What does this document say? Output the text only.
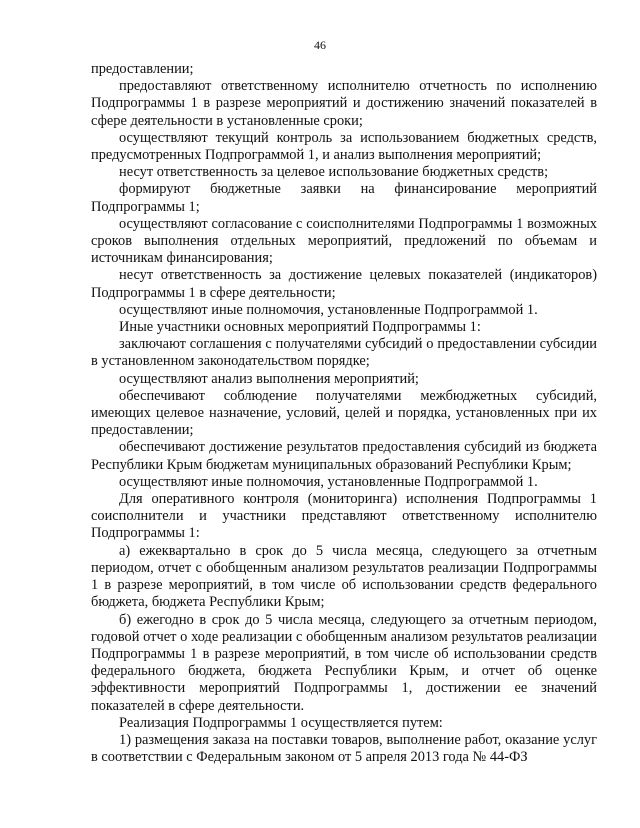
46

предоставлении;

предоставляют ответственному исполнителю отчетность по исполнению Подпрограммы 1 в разрезе мероприятий и достижению значений показателей в сфере деятельности в установленные сроки;

осуществляют текущий контроль за использованием бюджетных средств, предусмотренных Подпрограммой 1, и анализ выполнения мероприятий;

несут ответственность за целевое использование бюджетных средств;

формируют бюджетные заявки на финансирование мероприятий Подпрограммы 1;

осуществляют согласование с соисполнителями Подпрограммы 1 возможных сроков выполнения отдельных мероприятий, предложений по объемам и источникам финансирования;

несут ответственность за достижение целевых показателей (индикаторов) Подпрограммы 1 в сфере деятельности;

осуществляют иные полномочия, установленные Подпрограммой 1.

Иные участники основных мероприятий Подпрограммы 1:

заключают соглашения с получателями субсидий о предоставлении субсидии в установленном законодательством порядке;

осуществляют анализ выполнения мероприятий;

обеспечивают соблюдение получателями межбюджетных субсидий, имеющих целевое назначение, условий, целей и порядка, установленных при их предоставлении;

обеспечивают достижение результатов предоставления субсидий из бюджета Республики Крым бюджетам муниципальных образований Республики Крым;

осуществляют иные полномочия, установленные Подпрограммой 1.

Для оперативного контроля (мониторинга) исполнения Подпрограммы 1 соисполнители и участники представляют ответственному исполнителю Подпрограммы 1:

а) ежеквартально в срок до 5 числа месяца, следующего за отчетным периодом, отчет с обобщенным анализом результатов реализации Подпрограммы 1 в разрезе мероприятий, в том числе об использовании средств федерального бюджета, бюджета Республики Крым;

б) ежегодно в срок до 5 числа месяца, следующего за отчетным периодом, годовой отчет о ходе реализации с обобщенным анализом результатов реализации Подпрограммы 1 в разрезе мероприятий, в том числе об использовании средств федерального бюджета, бюджета Республики Крым, и отчет об оценке эффективности мероприятий Подпрограммы 1, достижении ее значений показателей в сфере деятельности.

Реализация Подпрограммы 1 осуществляется путем:

1) размещения заказа на поставки товаров, выполнение работ, оказание услуг в соответствии с Федеральным законом от 5 апреля 2013 года № 44-ФЗ
